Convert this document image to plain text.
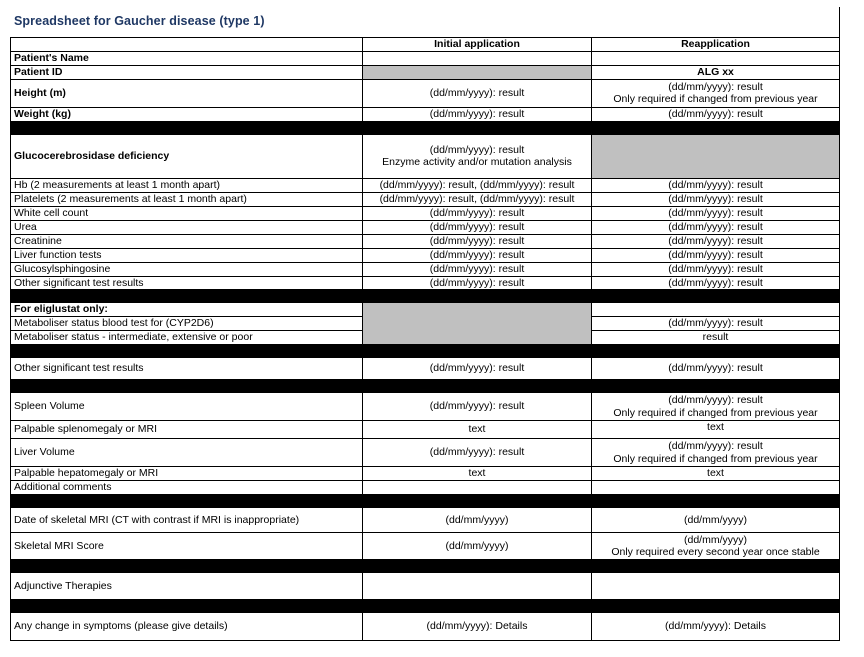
Spreadsheet for Gaucher disease (type 1)
	Initial application	Reapplication
Patient's Name		
Patient ID		ALG xx
Height (m)	(dd/mm/yyyy): result	(dd/mm/yyyy): result
Only required if changed from previous year

Weight (kg)	(dd/mm/yyyy): result	(dd/mm/yyyy): result

Glucocerebrosidase deficiency	(dd/mm/yyyy): result
Enzyme activity and/or mutation analysis	

Hb (2 measurements at least 1 month apart)	(dd/mm/yyyy): result, (dd/mm/yyyy): result	(dd/mm/yyyy): result
Platelets (2 measurements at least 1 month apart)	(dd/mm/yyyy): result, (dd/mm/yyyy): result	(dd/mm/yyyy): result
White cell count	(dd/mm/yyyy): result	(dd/mm/yyyy): result
Urea	(dd/mm/yyyy): result	(dd/mm/yyyy): result
Creatinine	(dd/mm/yyyy): result	(dd/mm/yyyy): result
Liver function tests	(dd/mm/yyyy): result	(dd/mm/yyyy): result
Glucosylsphingosine	(dd/mm/yyyy): result	(dd/mm/yyyy): result
Other significant test results	(dd/mm/yyyy): result	(dd/mm/yyyy): result

For eliglustat only:		
Metaboliser status blood test for (CYP2D6)		(dd/mm/yyyy): result
Metaboliser status - intermediate, extensive or poor		result

Other significant test results	(dd/mm/yyyy): result	(dd/mm/yyyy): result

Spleen Volume	(dd/mm/yyyy): result	(dd/mm/yyyy): result
Only required if changed from previous year

Palpable splenomegaly or MRI	text	text
Liver Volume	(dd/mm/yyyy): result	(dd/mm/yyyy): result
Only required if changed from previous year

Palpable hepatomegaly or MRI	text	text
Additional comments		

Date of skeletal MRI (CT with contrast if MRI is inappropriate)	(dd/mm/yyyy)	(dd/mm/yyyy)
Skeletal MRI Score	(dd/mm/yyyy)	(dd/mm/yyyy)
Only required every second year once stable

Adjunctive Therapies		

Any change in symptoms (please give details)	(dd/mm/yyyy): Details	(dd/mm/yyyy): Details
